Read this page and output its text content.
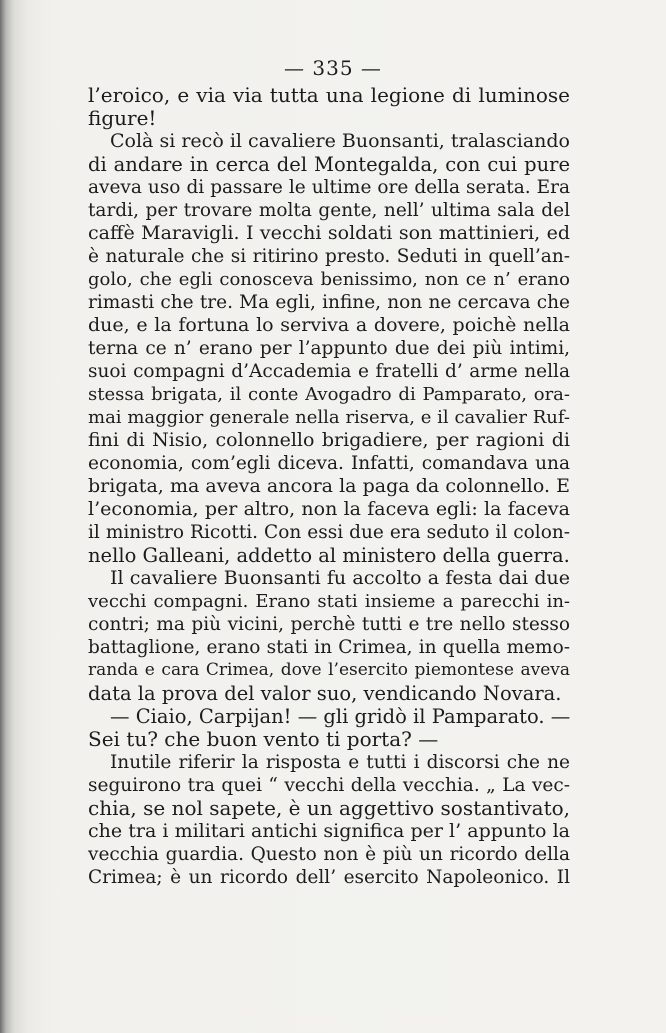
— 335 —
l’eroico, e via via tutta una legione di luminose
figure!
Colà si recò il cavaliere Buonsanti, tralasciando
di andare in cerca del Montegalda, con cui pure
aveva uso di passare le ultime ore della serata. Era
tardi, per trovare molta gente, nell’ ultima sala del
caffè Maravigli. I vecchi soldati son mattinieri, ed
è naturale che si ritirino presto. Seduti in quell’an-
golo, che egli conosceva benissimo, non ce n’ erano
rimasti che tre. Ma egli, infine, non ne cercava che
due, e la fortuna lo serviva a dovere, poichè nella
terna ce n’ erano per l’appunto due dei più intimi,
suoi compagni d’Accademia e fratelli d’ arme nella
stessa brigata, il conte Avogadro di Pamparato, ora-
mai maggior generale nella riserva, e il cavalier Ruf-
fini di Nisio, colonnello brigadiere, per ragioni di
economia, com’egli diceva. Infatti, comandava una
brigata, ma aveva ancora la paga da colonnello. E
l’economia, per altro, non la faceva egli: la faceva
il ministro Ricotti. Con essi due era seduto il colon-
nello Galleani, addetto al ministero della guerra.
Il cavaliere Buonsanti fu accolto a festa dai due
vecchi compagni. Erano stati insieme a parecchi in-
contri; ma più vicini, perchè tutti e tre nello stesso
battaglione, erano stati in Crimea, in quella memo-
randa e cara Crimea, dove l’esercito piemontese aveva
data la prova del valor suo, vendicando Novara.
— Ciaio, Carpijan! — gli gridò il Pamparato. —
Sei tu? che buon vento ti porta? —
Inutile riferir la risposta e tutti i discorsi che ne
seguirono tra quei “ vecchi della vecchia. „ La vec-
chia, se nol sapete, è un aggettivo sostantivato,
che tra i militari antichi significa per l’ appunto la
vecchia guardia. Questo non è più un ricordo della
Crimea; è un ricordo dell’ esercito Napoleonico. Il
